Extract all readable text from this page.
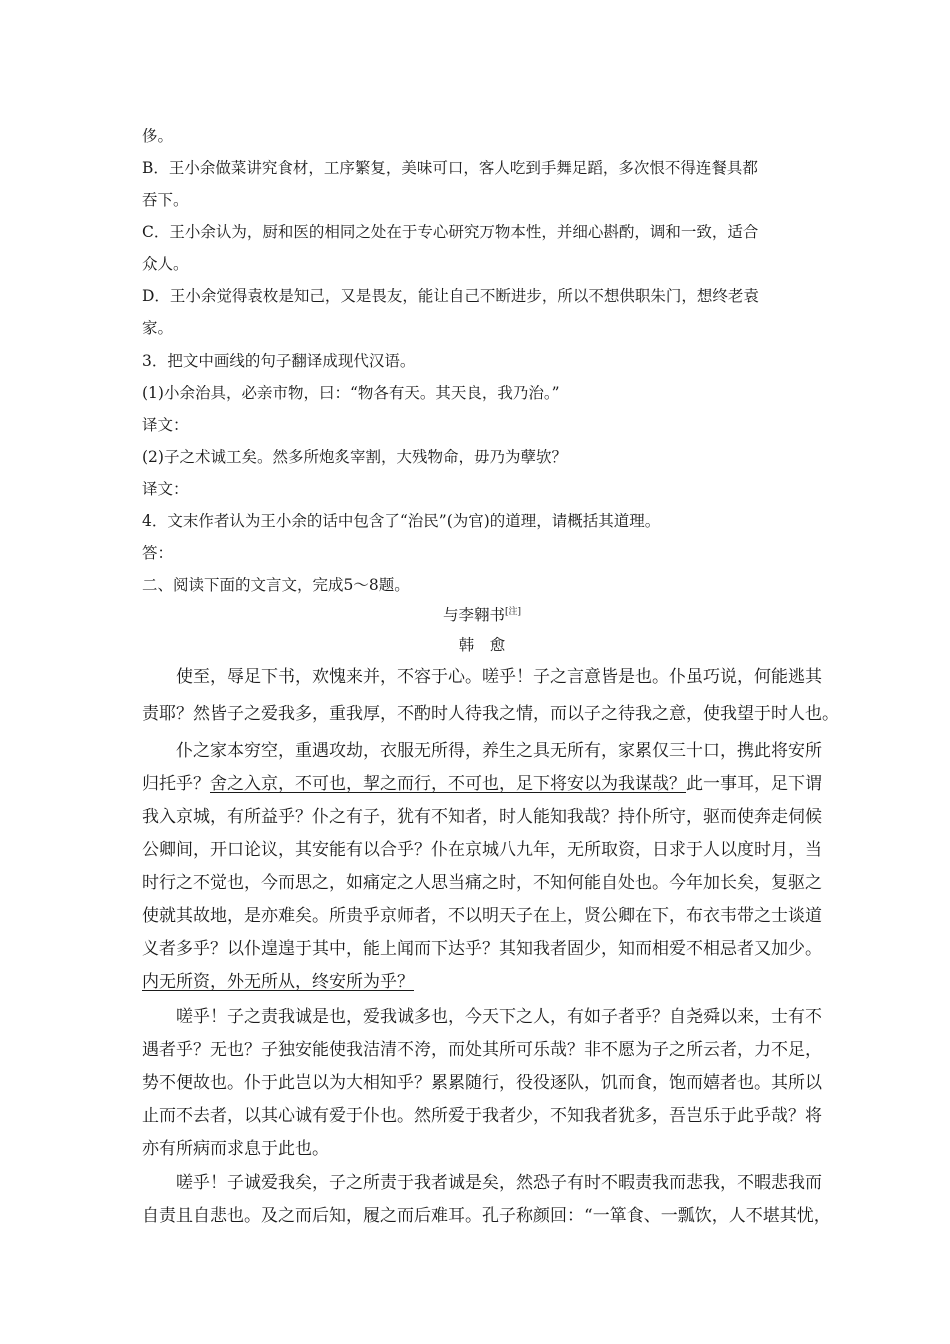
侈。
B．王小余做菜讲究食材，工序繁复，美味可口，客人吃到手舞足蹈，多次恨不得连餐具都
吞下。
C．王小余认为，厨和医的相同之处在于专心研究万物本性，并细心斟酌，调和一致，适合
众人。
D．王小余觉得袁枚是知己，又是畏友，能让自己不断进步，所以不想供职朱门，想终老袁
家。
3．把文中画线的句子翻译成现代汉语。
(1)小余治具，必亲市物，曰：“物各有天。其天良，我乃治。”
译文：
(2)子之术诚工矣。然多所炮炙宰割，大残物命，毋乃为孽欤？
译文：
4．文末作者认为王小余的话中包含了“治民”(为官)的道理，请概括其道理。
答：
二、阅读下面的文言文，完成5～8题。
与李翱书[注]
韩　愈
　　使至，辱足下书，欢愧来并，不容于心。嗟乎！子之言意皆是也。仆虽巧说，何能逃其
责耶？然皆子之爱我多，重我厚，不酌时人待我之情，而以子之待我之意，使我望于时人也。
　　仆之家本穷空，重遇攻劫，衣服无所得，养生之具无所有，家累仅三十口，携此将安所
归托乎？舍之入京，不可也，挈之而行，不可也，足下将安以为我谋哉？此一事耳，足下谓
我入京城，有所益乎？仆之有子，犹有不知者，时人能知我哉？持仆所守，驱而使奔走伺候
公卿间，开口论议，其安能有以合乎？仆在京城八九年，无所取资，日求于人以度时月，当
时行之不觉也，今而思之，如痛定之人思当痛之时，不知何能自处也。今年加长矣，复驱之
使就其故地，是亦难矣。所贵乎京师者，不以明天子在上，贤公卿在下，布衣韦带之士谈道
义者多乎？以仆遑遑于其中，能上闻而下达乎？其知我者固少，知而相爱不相忌者又加少。
内无所资，外无所从，终安所为乎？
　　嗟乎！子之责我诚是也，爱我诚多也，今天下之人，有如子者乎？自尧舜以来，士有不
遇者乎？无也？子独安能使我洁清不洿，而处其所可乐哉？非不愿为子之所云者，力不足，
势不便故也。仆于此岂以为大相知乎？累累随行，役役逐队，饥而食，饱而嬉者也。其所以
止而不去者，以其心诚有爱于仆也。然所爱于我者少，不知我者犹多，吾岂乐于此乎哉？将
亦有所病而求息于此也。
　　嗟乎！子诚爱我矣，子之所责于我者诚是矣，然恐子有时不暇责我而悲我，不暇悲我而
自责且自悲也。及之而后知，履之而后难耳。孔子称颜回：“一箪食、一瓢饮，人不堪其忧，
